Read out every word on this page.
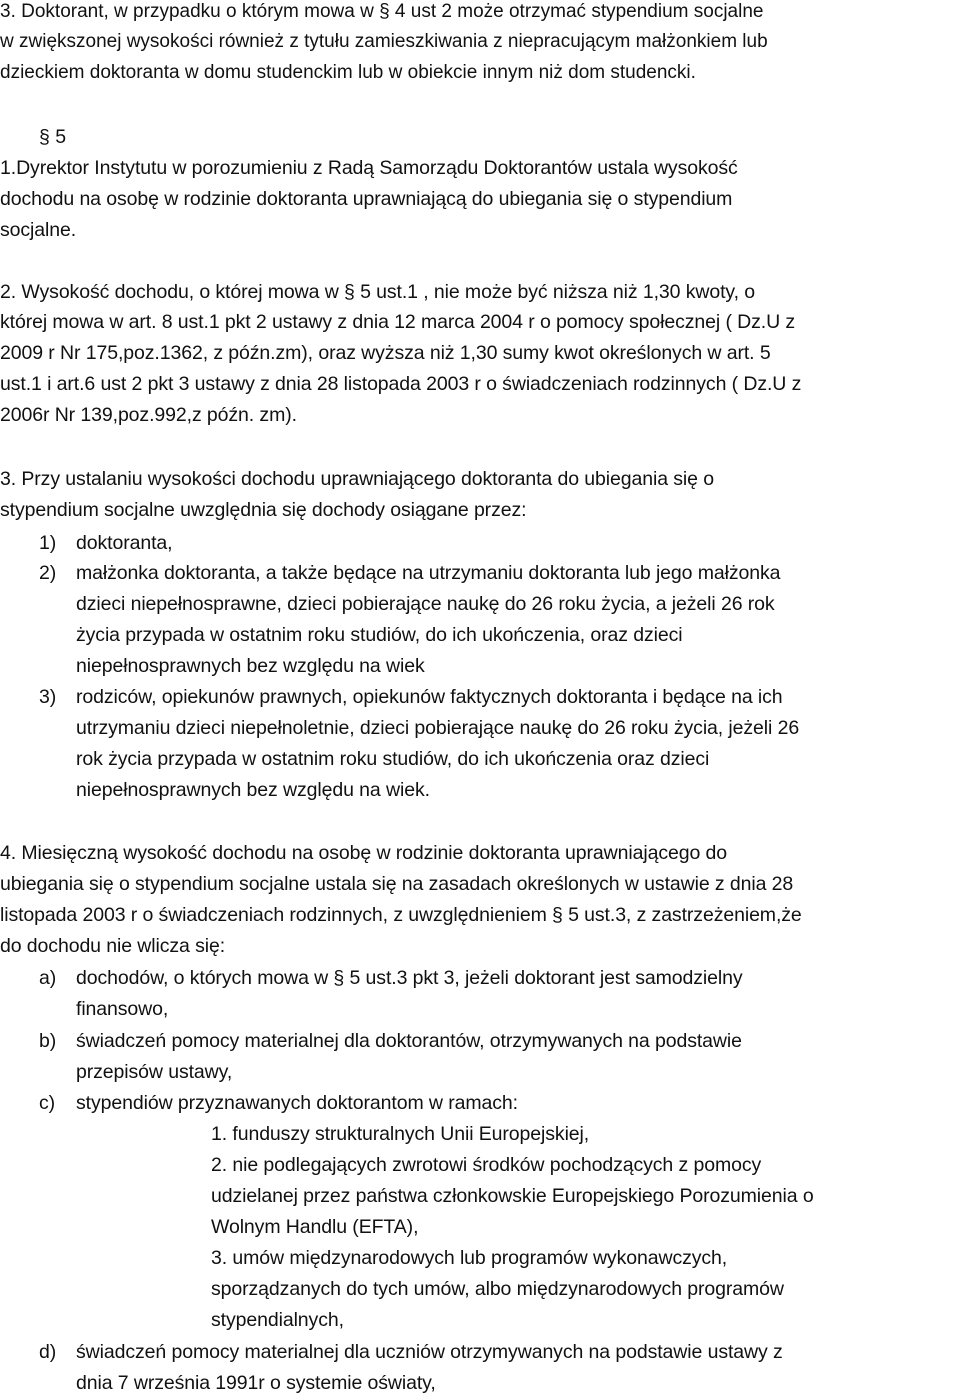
3. Doktorant, w przypadku o którym mowa w § 4 ust 2 może otrzymać stypendium socjalne

w zwiększonej wysokości również z tytułu zamieszkiwania z niepracującym małżonkiem lub

dzieckiem doktoranta w domu studenckim lub w obiekcie innym niż dom studencki.

§ 5

1.Dyrektor Instytutu w porozumieniu z Radą Samorządu Doktorantów ustala wysokość

dochodu na osobę w rodzinie doktoranta uprawniającą do ubiegania się o stypendium

socjalne.

2. Wysokość dochodu, o której mowa w § 5 ust.1 , nie może być niższa niż 1,30 kwoty, o

której mowa w art. 8 ust.1 pkt 2 ustawy z dnia 12 marca 2004 r o pomocy społecznej ( Dz.U z

2009 r Nr 175,poz.1362, z późn.zm), oraz wyższa niż 1,30 sumy kwot określonych w art. 5

ust.1 i art.6 ust 2 pkt 3 ustawy z dnia 28 listopada 2003 r o świadczeniach rodzinnych ( Dz.U z

2006r Nr 139,poz.992,z późn. zm).

3. Przy ustalaniu wysokości dochodu uprawniającego doktoranta do ubiegania się o

stypendium socjalne uwzględnia się dochody osiągane przez:

1) doktoranta,

2) małżonka doktoranta, a także będące na utrzymaniu doktoranta lub jego małżonka

dzieci niepełnosprawne, dzieci pobierające naukę do 26 roku życia, a jeżeli 26 rok

życia przypada w ostatnim roku studiów, do ich ukończenia, oraz dzieci

niepełnosprawnych bez względu na wiek

3) rodziców, opiekunów prawnych, opiekunów faktycznych doktoranta i będące na ich

utrzymaniu dzieci niepełnoletnie, dzieci pobierające naukę do 26 roku życia, jeżeli 26

rok życia przypada w ostatnim roku studiów, do ich ukończenia oraz dzieci

niepełnosprawnych bez względu na wiek.

4. Miesięczną wysokość dochodu na osobę w rodzinie doktoranta uprawniającego do

ubiegania się o stypendium socjalne ustala się na zasadach określonych w ustawie z dnia 28

listopada 2003 r o świadczeniach rodzinnych, z uwzględnieniem § 5 ust.3, z zastrzeżeniem,że

do dochodu nie wlicza się:

a) dochodów, o których mowa w § 5 ust.3 pkt 3, jeżeli doktorant jest samodzielny

finansowo,

b) świadczeń pomocy materialnej dla doktorantów, otrzymywanych na podstawie

przepisów ustawy,

c) stypendiów przyznawanych doktorantom w ramach:

1. funduszy strukturalnych Unii Europejskiej,

2. nie podlegających zwrotowi środków pochodzących z pomocy

udzielanej przez państwa członkowskie Europejskiego Porozumienia o

Wolnym Handlu (EFTA),

3. umów międzynarodowych lub programów wykonawczych,

sporządzanych do tych umów, albo międzynarodowych programów

stypendialnych,

d) świadczeń pomocy materialnej dla uczniów otrzymywanych na podstawie ustawy z

dnia 7 września 1991r o systemie oświaty,
